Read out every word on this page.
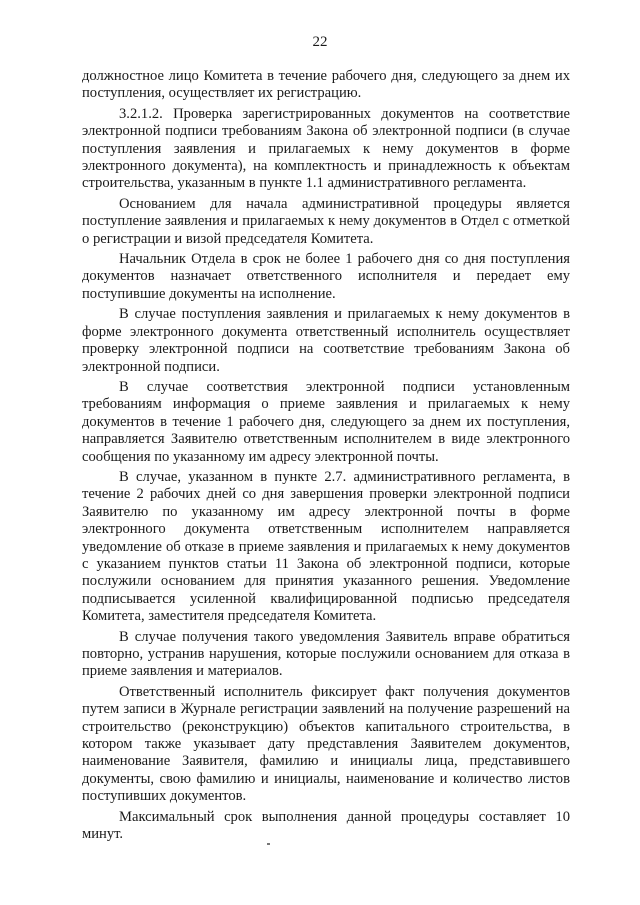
22

должностное лицо Комитета в течение рабочего дня, следующего за днем их поступления, осуществляет их регистрацию.

3.2.1.2. Проверка зарегистрированных документов на соответствие электронной подписи требованиям Закона об электронной подписи (в случае поступления заявления и прилагаемых к нему документов в форме электронного документа), на комплектность и принадлежность к объектам строительства, указанным в пункте 1.1 административного регламента.

Основанием для начала административной процедуры является поступление заявления и прилагаемых к нему документов в Отдел с отметкой о регистрации и визой председателя Комитета.

Начальник Отдела в срок не более 1 рабочего дня со дня поступления документов назначает ответственного исполнителя и передает ему поступившие документы на исполнение.

В случае поступления заявления и прилагаемых к нему документов в форме электронного документа ответственный исполнитель осуществляет проверку электронной подписи на соответствие требованиям Закона об электронной подписи.

В случае соответствия электронной подписи установленным требованиям информация о приеме заявления и прилагаемых к нему документов в течение 1 рабочего дня, следующего за днем их поступления, направляется Заявителю ответственным исполнителем в виде электронного сообщения по указанному им адресу электронной почты.

В случае, указанном в пункте 2.7. административного регламента, в течение 2 рабочих дней со дня завершения проверки электронной подписи Заявителю по указанному им адресу электронной почты в форме электронного документа ответственным исполнителем направляется уведомление об отказе в приеме заявления и прилагаемых к нему документов с указанием пунктов статьи 11 Закона об электронной подписи, которые послужили основанием для принятия указанного решения. Уведомление подписывается усиленной квалифицированной подписью председателя Комитета, заместителя председателя Комитета.

В случае получения такого уведомления Заявитель вправе обратиться повторно, устранив нарушения, которые послужили основанием для отказа в приеме заявления и материалов.

Ответственный исполнитель фиксирует факт получения документов путем записи в Журнале регистрации заявлений на получение разрешений на строительство (реконструкцию) объектов капитального строительства, в котором также указывает дату представления Заявителем документов, наименование Заявителя, фамилию и инициалы лица, представившего документы, свою фамилию и инициалы, наименование и количество листов поступивших документов.

Максимальный срок выполнения данной процедуры составляет 10 минут.
